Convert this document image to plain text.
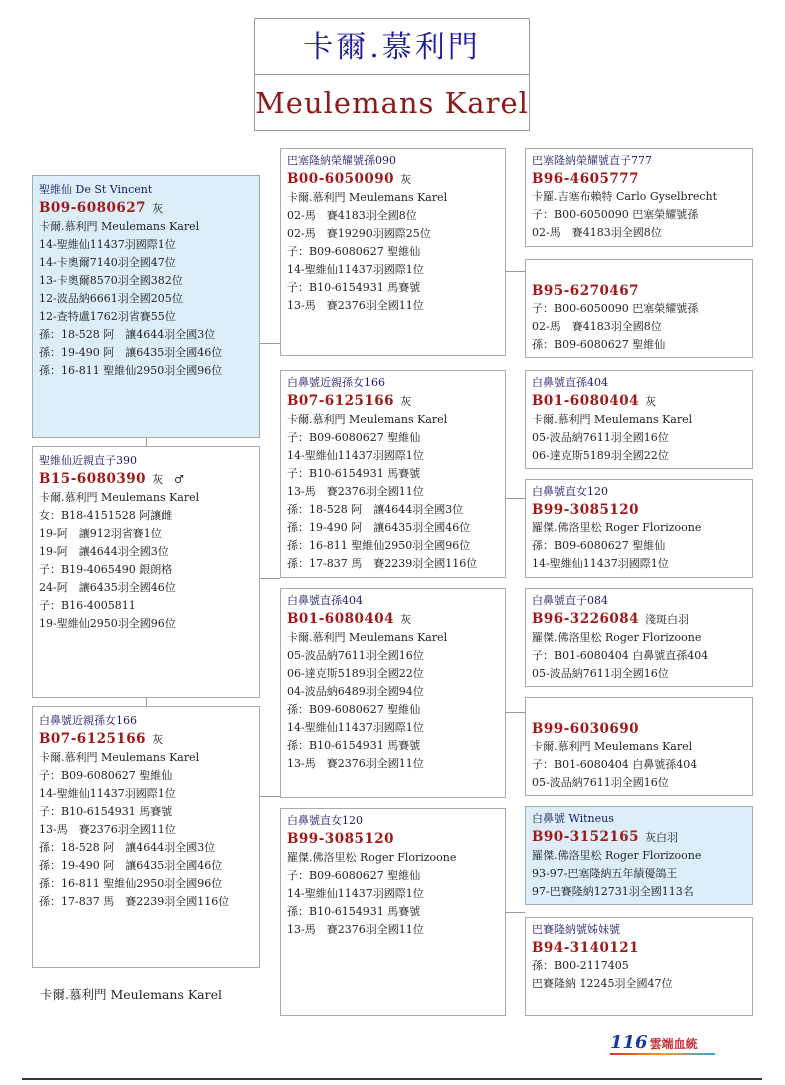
卡爾.慕利門
Meulemans Karel
聖維仙 De St Vincent
B09-6080627 灰
卡爾.慕利門 Meulemans Karel
14-聖維仙11437羽國際1位
14-卡奧爾7140羽全國47位
13-卡奧爾8570羽全國382位
12-波品納6661羽全國205位
12-查特盧1762羽省賽55位
孫：18-528 阿　讓4644羽全國3位
孫：19-490 阿　讓6435羽全國46位
孫：16-811 聖維仙2950羽全國96位
聖維仙近親直子390
B15-6080390 灰　♂
卡爾.慕利門 Meulemans Karel
女：B18-4151528 阿讓雌
19-阿　讓912羽省賽1位
19-阿　讓4644羽全國3位
子：B19-4065490 銀朗格
24-阿　讓6435羽全國46位
子：B16-4005811
19-聖維仙2950羽全國96位
白鼻號近親孫女166
B07-6125166 灰
卡爾.慕利門 Meulemans Karel
子：B09-6080627 聖維仙
14-聖維仙11437羽國際1位
子：B10-6154931 馬賽號
13-馬　賽2376羽全國11位
孫：18-528 阿　讓4644羽全國3位
孫：19-490 阿　讓6435羽全國46位
孫：16-811 聖維仙2950羽全國96位
孫：17-837 馬　賽2239羽全國116位
卡爾.慕利門 Meulemans Karel
巴塞隆納榮耀號孫090
B00-6050090 灰
卡爾.慕利門 Meulemans Karel
02-馬　賽4183羽全國8位
02-馬　賽19290羽國際25位
子：B09-6080627 聖維仙
14-聖維仙11437羽國際1位
子：B10-6154931 馬賽號
13-馬　賽2376羽全國11位
白鼻號近親孫女166
B07-6125166 灰
卡爾.慕利門 Meulemans Karel
子：B09-6080627 聖維仙
14-聖維仙11437羽國際1位
子：B10-6154931 馬賽號
13-馬　賽2376羽全國11位
孫：18-528 阿　讓4644羽全國3位
孫：19-490 阿　讓6435羽全國46位
孫：16-811 聖維仙2950羽全國96位
孫：17-837 馬　賽2239羽全國116位
白鼻號直孫404
B01-6080404 灰
卡爾.慕利門 Meulemans Karel
05-波品納7611羽全國16位
06-達克斯5189羽全國22位
04-波品納6489羽全國94位
孫：B09-6080627 聖維仙
14-聖維仙11437羽國際1位
孫：B10-6154931 馬賽號
13-馬　賽2376羽全國11位
白鼻號直女120
B99-3085120
羅傑.佛洛里松 Roger Florizoone
子：B09-6080627 聖維仙
14-聖維仙11437羽國際1位
孫：B10-6154931 馬賽號
13-馬　賽2376羽全國11位
巴塞隆納榮耀號直子777
B96-4605777
卡羅.吉塞布賴特 Carlo Gyselbrecht
子：B00-6050090 巴塞榮耀號孫
02-馬　賽4183羽全國8位
B95-6270467
子：B00-6050090 巴塞榮耀號孫
02-馬　賽4183羽全國8位
孫：B09-6080627 聖維仙
白鼻號直孫404
B01-6080404 灰
卡爾.慕利門 Meulemans Karel
05-波品納7611羽全國16位
06-達克斯5189羽全國22位
白鼻號直女120
B99-3085120
羅傑.佛洛里松 Roger Florizoone
孫：B09-6080627 聖維仙
14-聖維仙11437羽國際1位
白鼻號直子084
B96-3226084 淺斑白羽
羅傑.佛洛里松 Roger Florizoone
子：B01-6080404 白鼻號直孫404
05-波品納7611羽全國16位
B99-6030690
卡爾.慕利門 Meulemans Karel
子：B01-6080404 白鼻號孫404
05-波品納7611羽全國16位
白鼻號 Witneus
B90-3152165 灰白羽
羅傑.佛洛里松 Roger Florizoone
93-97-巴塞隆納五年績優鴿王
97-巴賽隆納12731羽全國113名
巴賽隆納號姊妹號
B94-3140121
孫：B00-2117405
巴賽隆納 12245羽全國47位
116 雲端血統
